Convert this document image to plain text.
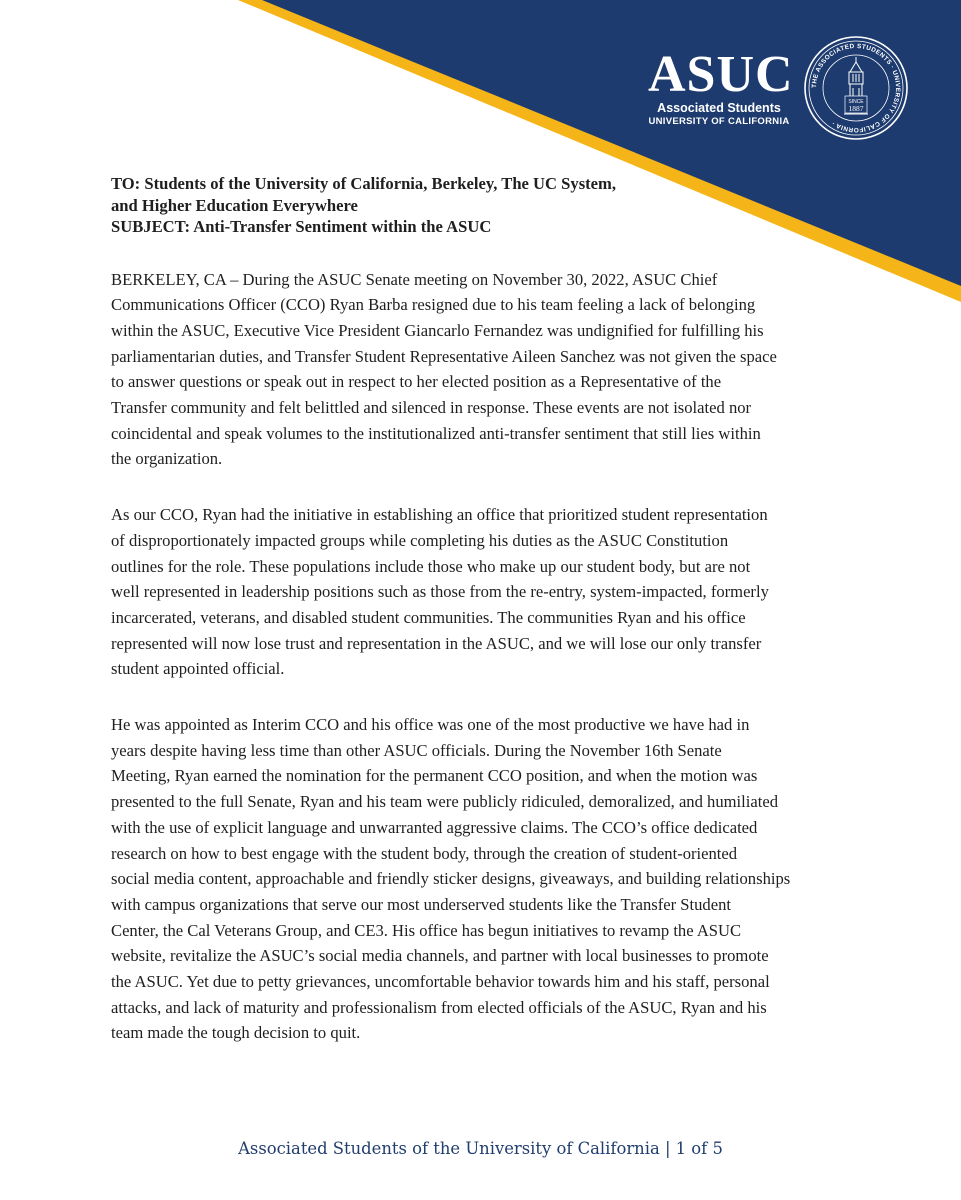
ASUC
Associated Students
UNIVERSITY OF CALIFORNIA
THE ASSOCIATED STUDENTS · UNIVERSITY OF CALIFORNIA ·
SINCE
1887

TO: Students of the University of California, Berkeley, The UC System,

and Higher Education Everywhere

SUBJECT: Anti-Transfer Sentiment within the ASUC

BERKELEY, CA – During the ASUC Senate meeting on November 30, 2022, ASUC Chief
Communications Officer (CCO) Ryan Barba resigned due to his team feeling a lack of belonging
within the ASUC, Executive Vice President Giancarlo Fernandez was undignified for fulfilling his
parliamentarian duties, and Transfer Student Representative Aileen Sanchez was not given the space
to answer questions or speak out in respect to her elected position as a Representative of the
Transfer community and felt belittled and silenced in response. These events are not isolated nor
coincidental and speak volumes to the institutionalized anti-transfer sentiment that still lies within
the organization.
As our CCO, Ryan had the initiative in establishing an office that prioritized student representation
of disproportionately impacted groups while completing his duties as the ASUC Constitution
outlines for the role. These populations include those who make up our student body, but are not
well represented in leadership positions such as those from the re-entry, system-impacted, formerly
incarcerated, veterans, and disabled student communities. The communities Ryan and his office
represented will now lose trust and representation in the ASUC, and we will lose our only transfer
student appointed official.
He was appointed as Interim CCO and his office was one of the most productive we have had in
years despite having less time than other ASUC officials. During the November 16th Senate
Meeting, Ryan earned the nomination for the permanent CCO position, and when the motion was
presented to the full Senate, Ryan and his team were publicly ridiculed, demoralized, and humiliated
with the use of explicit language and unwarranted aggressive claims. The CCO’s office dedicated
research on how to best engage with the student body, through the creation of student-oriented
social media content, approachable and friendly sticker designs, giveaways, and building relationships
with campus organizations that serve our most underserved students like the Transfer Student
Center, the Cal Veterans Group, and CE3. His office has begun initiatives to revamp the ASUC
website, revitalize the ASUC’s social media channels, and partner with local businesses to promote
the ASUC. Yet due to petty grievances, uncomfortable behavior towards him and his staff, personal
attacks, and lack of maturity and professionalism from elected officials of the ASUC, Ryan and his
team made the tough decision to quit.
Associated Students of the University of California | 1 of 5
